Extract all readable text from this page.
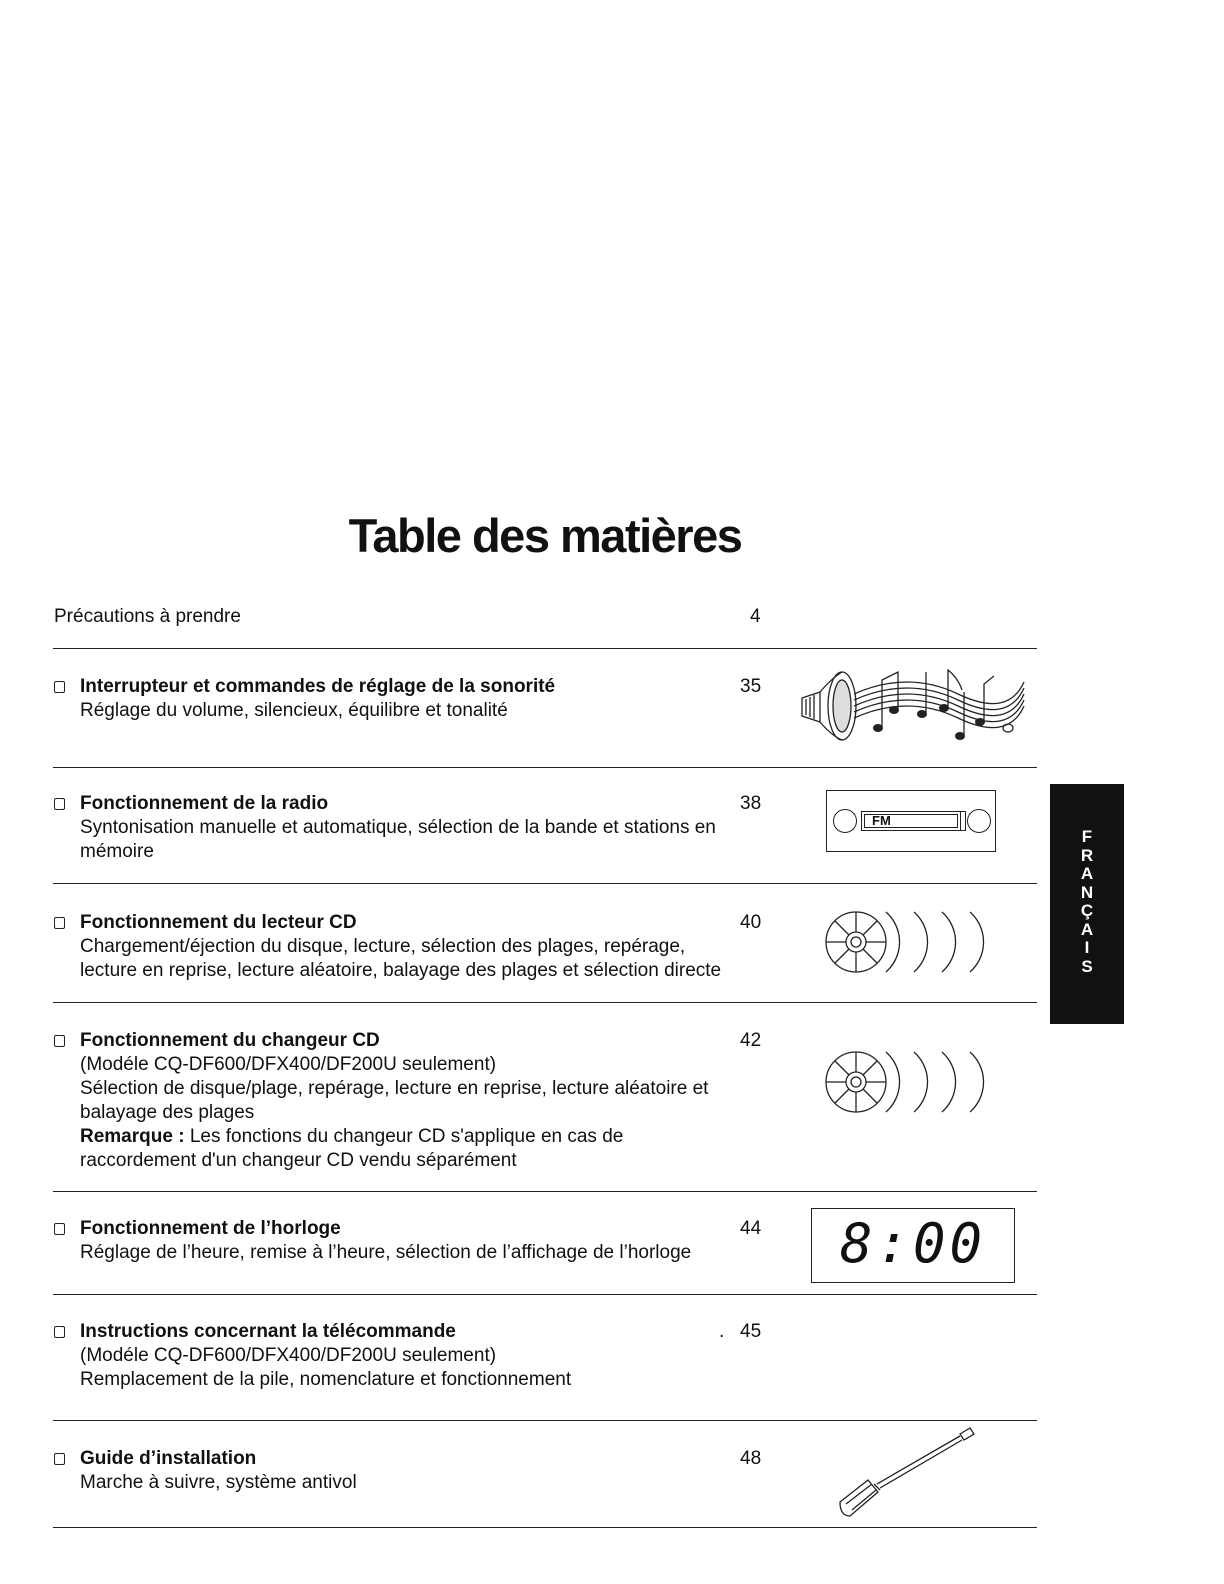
Table des matières
Précautions à prendre	4
Interrupteur et commandes de réglage de la sonorité	35
Réglage du volume, silencieux, équilibre et tonalité
Fonctionnement de la radio	38
Syntonisation manuelle et automatique, sélection de la bande et stations en
mémoire
Fonctionnement du lecteur CD	40
Chargement/éjection du disque, lecture, sélection des plages, repérage,
lecture en reprise, lecture aléatoire, balayage des plages et sélection directe
Fonctionnement du changeur CD	42
(Modéle CQ-DF600/DFX400/DF200U seulement)
Sélection de disque/plage, repérage, lecture en reprise, lecture aléatoire et
balayage des plages
Remarque : Les fonctions du changeur CD s'applique en cas de
raccordement d'un changeur CD vendu séparément
Fonctionnement de l’horloge	44
Réglage de l’heure, remise à l’heure, sélection de l’affichage de l’horloge
Instructions concernant la télécommande	. 45
(Modéle CQ-DF600/DFX400/DF200U seulement)
Remplacement de la pile, nomenclature et fonctionnement
Guide d’installation	48
Marche à suivre, système antivol
FM
8:00
F
R
A
N
Ç
A
I
S
